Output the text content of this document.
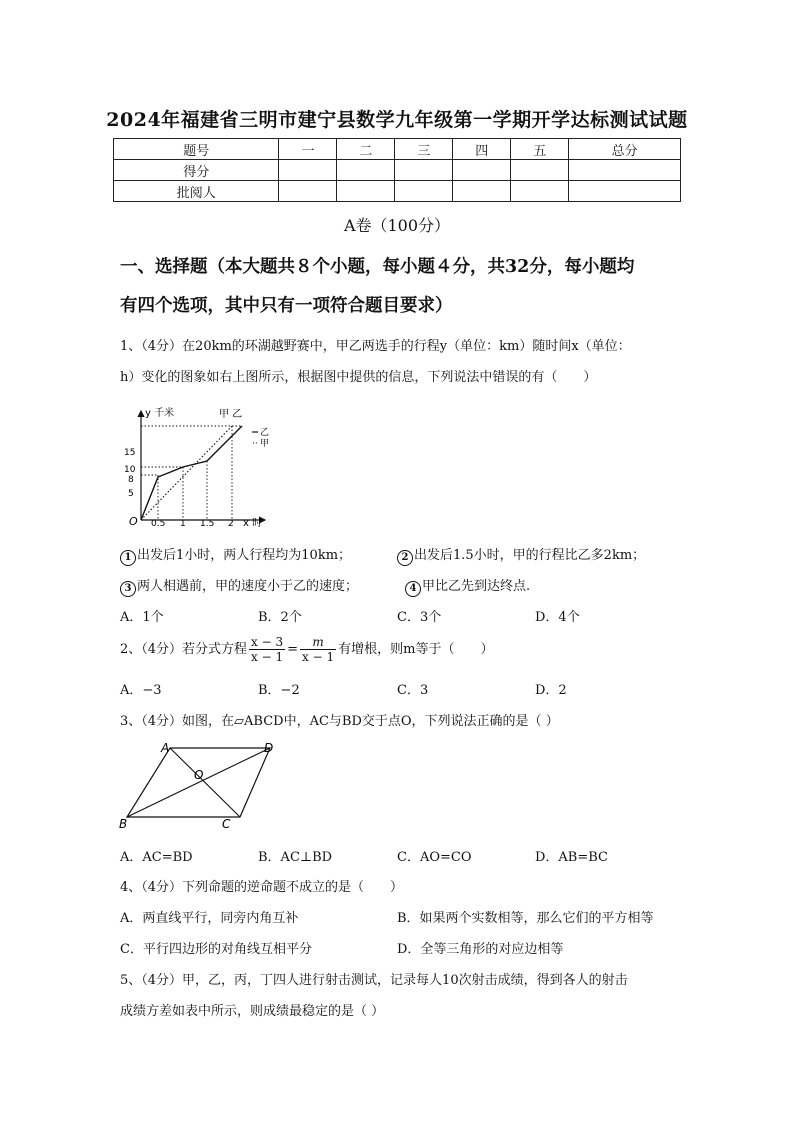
2024年福建省三明市建宁县数学九年级第一学期开学达标测试试题
题号	一	二	三	四	五	总分
得分						
批阅人						
A卷（100分）
一、选择题（本大题共８个小题，每小题４分，共32分，每小题均
有四个选项，其中只有一项符合题目要求）
1、（4分）在20km的环湖越野赛中，甲乙两选手的行程y（单位：km）随时间x（单位：
h）变化的图象如右上图所示，根据图中提供的信息，下列说法中错误的有（　　）
y 千米
x 时
O
5
8
10
15
0.5 1 1.5 2
甲 乙
乙
·· 甲
1 出发后1小时，两人行程均为10km；	2 出发后1.5小时，甲的行程比乙多2km；
3 两人相遇前，甲的速度小于乙的速度；	4 甲比乙先到达终点.
A．1个	B．2个	C．3个	D．4个
2、（4分）若分式方程 $\frac{x - 3}{x - 1} = \frac{m}{x - 1}$ 有增根，则m等于（　　）
A．−3	B．−2	C．3	D．2
3、（4分）如图，在▱ABCD中，AC与BD交于点O，下列说法正确的是（ ）
A	D
O
B	C
A．AC=BD	B．AC⊥BD	C．AO=CO	D．AB=BC
4、（4分）下列命题的逆命题不成立的是（　　）
A．两直线平行，同旁内角互补	B．如果两个实数相等，那么它们的平方相等
C．平行四边形的对角线互相平分	D．全等三角形的对应边相等
5、（4分）甲，乙，丙，丁四人进行射击测试，记录每人10次射击成绩，得到各人的射击
成绩方差如表中所示，则成绩最稳定的是（ ）
